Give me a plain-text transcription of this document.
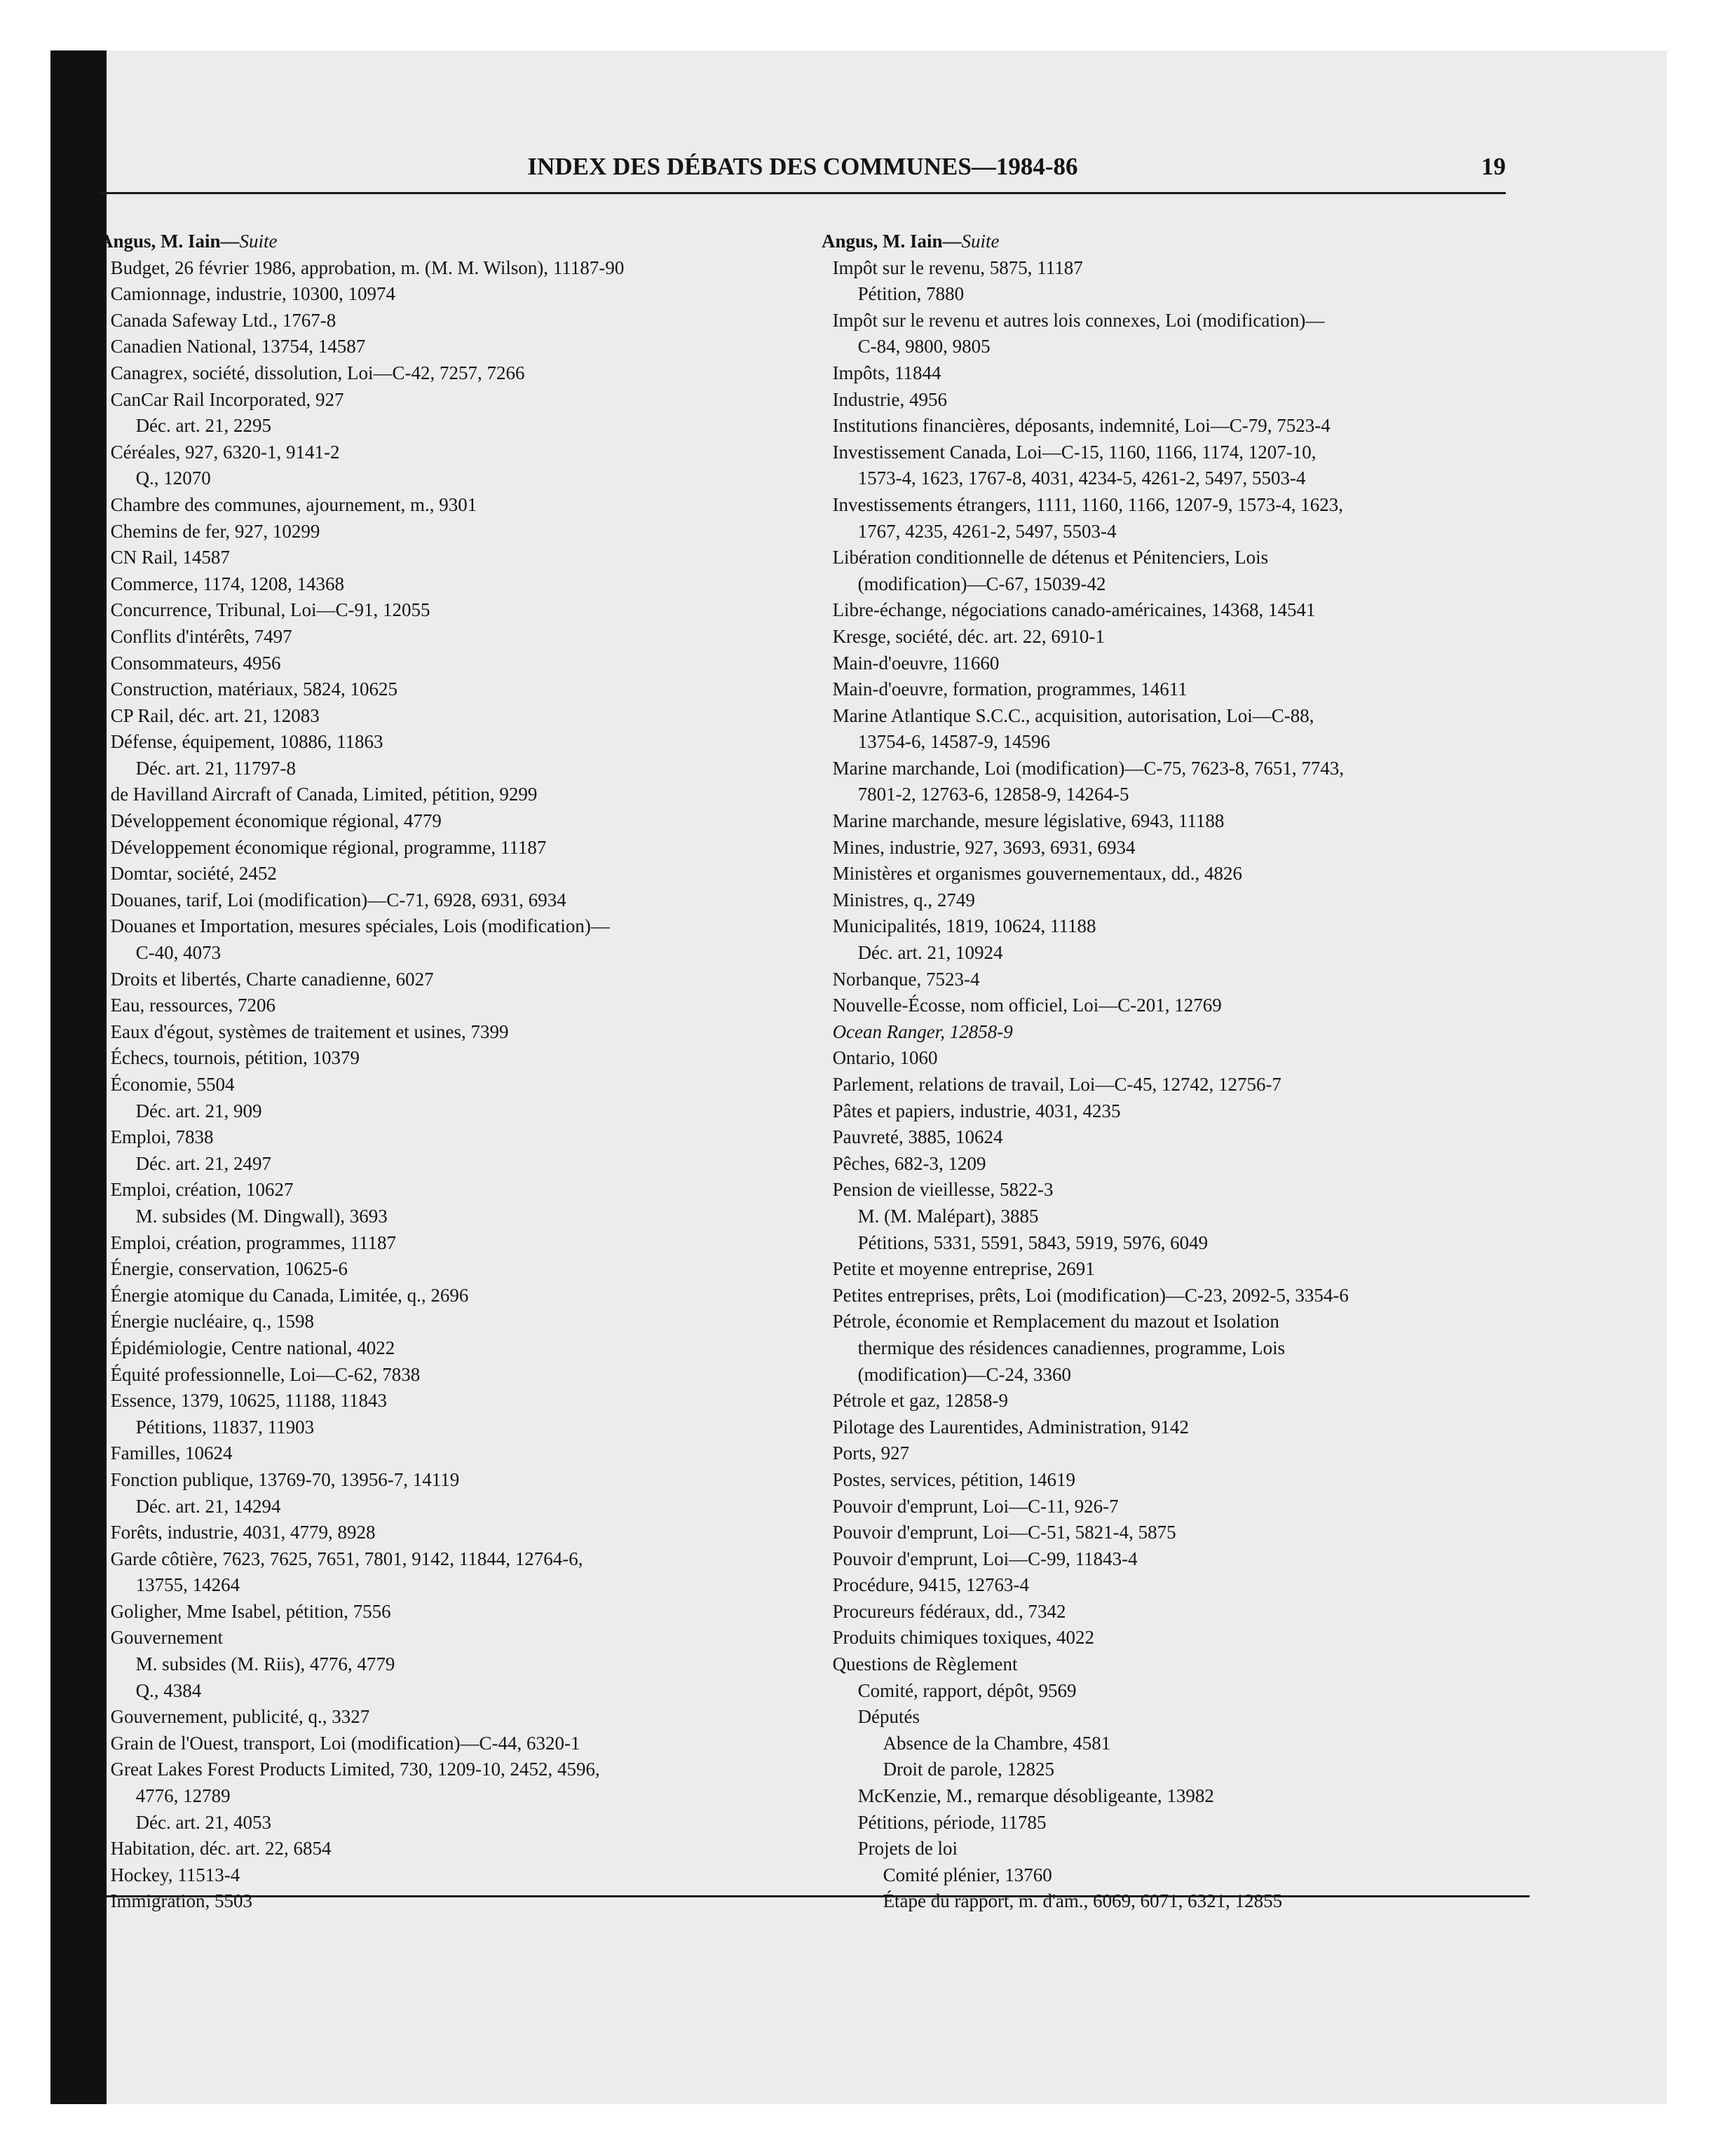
INDEX DES DÉBATS DES COMMUNES—1984-86	19
Angus, M. Iain—Suite
Budget, 26 février 1986, approbation, m. (M. M. Wilson), 11187-90
Camionnage, industrie, 10300, 10974
Canada Safeway Ltd., 1767-8
Canadien National, 13754, 14587
Canagrex, société, dissolution, Loi—C-42, 7257, 7266
CanCar Rail Incorporated, 927
Déc. art. 21, 2295
Céréales, 927, 6320-1, 9141-2
Q., 12070
Chambre des communes, ajournement, m., 9301
Chemins de fer, 927, 10299
CN Rail, 14587
Commerce, 1174, 1208, 14368
Concurrence, Tribunal, Loi—C-91, 12055
Conflits d'intérêts, 7497
Consommateurs, 4956
Construction, matériaux, 5824, 10625
CP Rail, déc. art. 21, 12083
Défense, équipement, 10886, 11863
Déc. art. 21, 11797-8
de Havilland Aircraft of Canada, Limited, pétition, 9299
Développement économique régional, 4779
Développement économique régional, programme, 11187
Domtar, société, 2452
Douanes, tarif, Loi (modification)—C-71, 6928, 6931, 6934
Douanes et Importation, mesures spéciales, Lois (modification)—
C-40, 4073
Droits et libertés, Charte canadienne, 6027
Eau, ressources, 7206
Eaux d'égout, systèmes de traitement et usines, 7399
Échecs, tournois, pétition, 10379
Économie, 5504
Déc. art. 21, 909
Emploi, 7838
Déc. art. 21, 2497
Emploi, création, 10627
M. subsides (M. Dingwall), 3693
Emploi, création, programmes, 11187
Énergie, conservation, 10625-6
Énergie atomique du Canada, Limitée, q., 2696
Énergie nucléaire, q., 1598
Épidémiologie, Centre national, 4022
Équité professionnelle, Loi—C-62, 7838
Essence, 1379, 10625, 11188, 11843
Pétitions, 11837, 11903
Familles, 10624
Fonction publique, 13769-70, 13956-7, 14119
Déc. art. 21, 14294
Forêts, industrie, 4031, 4779, 8928
Garde côtière, 7623, 7625, 7651, 7801, 9142, 11844, 12764-6,
13755, 14264
Goligher, Mme Isabel, pétition, 7556
Gouvernement
M. subsides (M. Riis), 4776, 4779
Q., 4384
Gouvernement, publicité, q., 3327
Grain de l'Ouest, transport, Loi (modification)—C-44, 6320-1
Great Lakes Forest Products Limited, 730, 1209-10, 2452, 4596,
4776, 12789
Déc. art. 21, 4053
Habitation, déc. art. 22, 6854
Hockey, 11513-4
Immigration, 5503
Angus, M. Iain—Suite
Impôt sur le revenu, 5875, 11187
Pétition, 7880
Impôt sur le revenu et autres lois connexes, Loi (modification)—
C-84, 9800, 9805
Impôts, 11844
Industrie, 4956
Institutions financières, déposants, indemnité, Loi—C-79, 7523-4
Investissement Canada, Loi—C-15, 1160, 1166, 1174, 1207-10,
1573-4, 1623, 1767-8, 4031, 4234-5, 4261-2, 5497, 5503-4
Investissements étrangers, 1111, 1160, 1166, 1207-9, 1573-4, 1623,
1767, 4235, 4261-2, 5497, 5503-4
Libération conditionnelle de détenus et Pénitenciers, Lois
(modification)—C-67, 15039-42
Libre-échange, négociations canado-américaines, 14368, 14541
Kresge, société, déc. art. 22, 6910-1
Main-d'oeuvre, 11660
Main-d'oeuvre, formation, programmes, 14611
Marine Atlantique S.C.C., acquisition, autorisation, Loi—C-88,
13754-6, 14587-9, 14596
Marine marchande, Loi (modification)—C-75, 7623-8, 7651, 7743,
7801-2, 12763-6, 12858-9, 14264-5
Marine marchande, mesure législative, 6943, 11188
Mines, industrie, 927, 3693, 6931, 6934
Ministères et organismes gouvernementaux, dd., 4826
Ministres, q., 2749
Municipalités, 1819, 10624, 11188
Déc. art. 21, 10924
Norbanque, 7523-4
Nouvelle-Écosse, nom officiel, Loi—C-201, 12769
Ocean Ranger, 12858-9
Ontario, 1060
Parlement, relations de travail, Loi—C-45, 12742, 12756-7
Pâtes et papiers, industrie, 4031, 4235
Pauvreté, 3885, 10624
Pêches, 682-3, 1209
Pension de vieillesse, 5822-3
M. (M. Malépart), 3885
Pétitions, 5331, 5591, 5843, 5919, 5976, 6049
Petite et moyenne entreprise, 2691
Petites entreprises, prêts, Loi (modification)—C-23, 2092-5, 3354-6
Pétrole, économie et Remplacement du mazout et Isolation
thermique des résidences canadiennes, programme, Lois
(modification)—C-24, 3360
Pétrole et gaz, 12858-9
Pilotage des Laurentides, Administration, 9142
Ports, 927
Postes, services, pétition, 14619
Pouvoir d'emprunt, Loi—C-11, 926-7
Pouvoir d'emprunt, Loi—C-51, 5821-4, 5875
Pouvoir d'emprunt, Loi—C-99, 11843-4
Procédure, 9415, 12763-4
Procureurs fédéraux, dd., 7342
Produits chimiques toxiques, 4022
Questions de Règlement
Comité, rapport, dépôt, 9569
Députés
Absence de la Chambre, 4581
Droit de parole, 12825
McKenzie, M., remarque désobligeante, 13982
Pétitions, période, 11785
Projets de loi
Comité plénier, 13760
Étape du rapport, m. d'am., 6069, 6071, 6321, 12855
